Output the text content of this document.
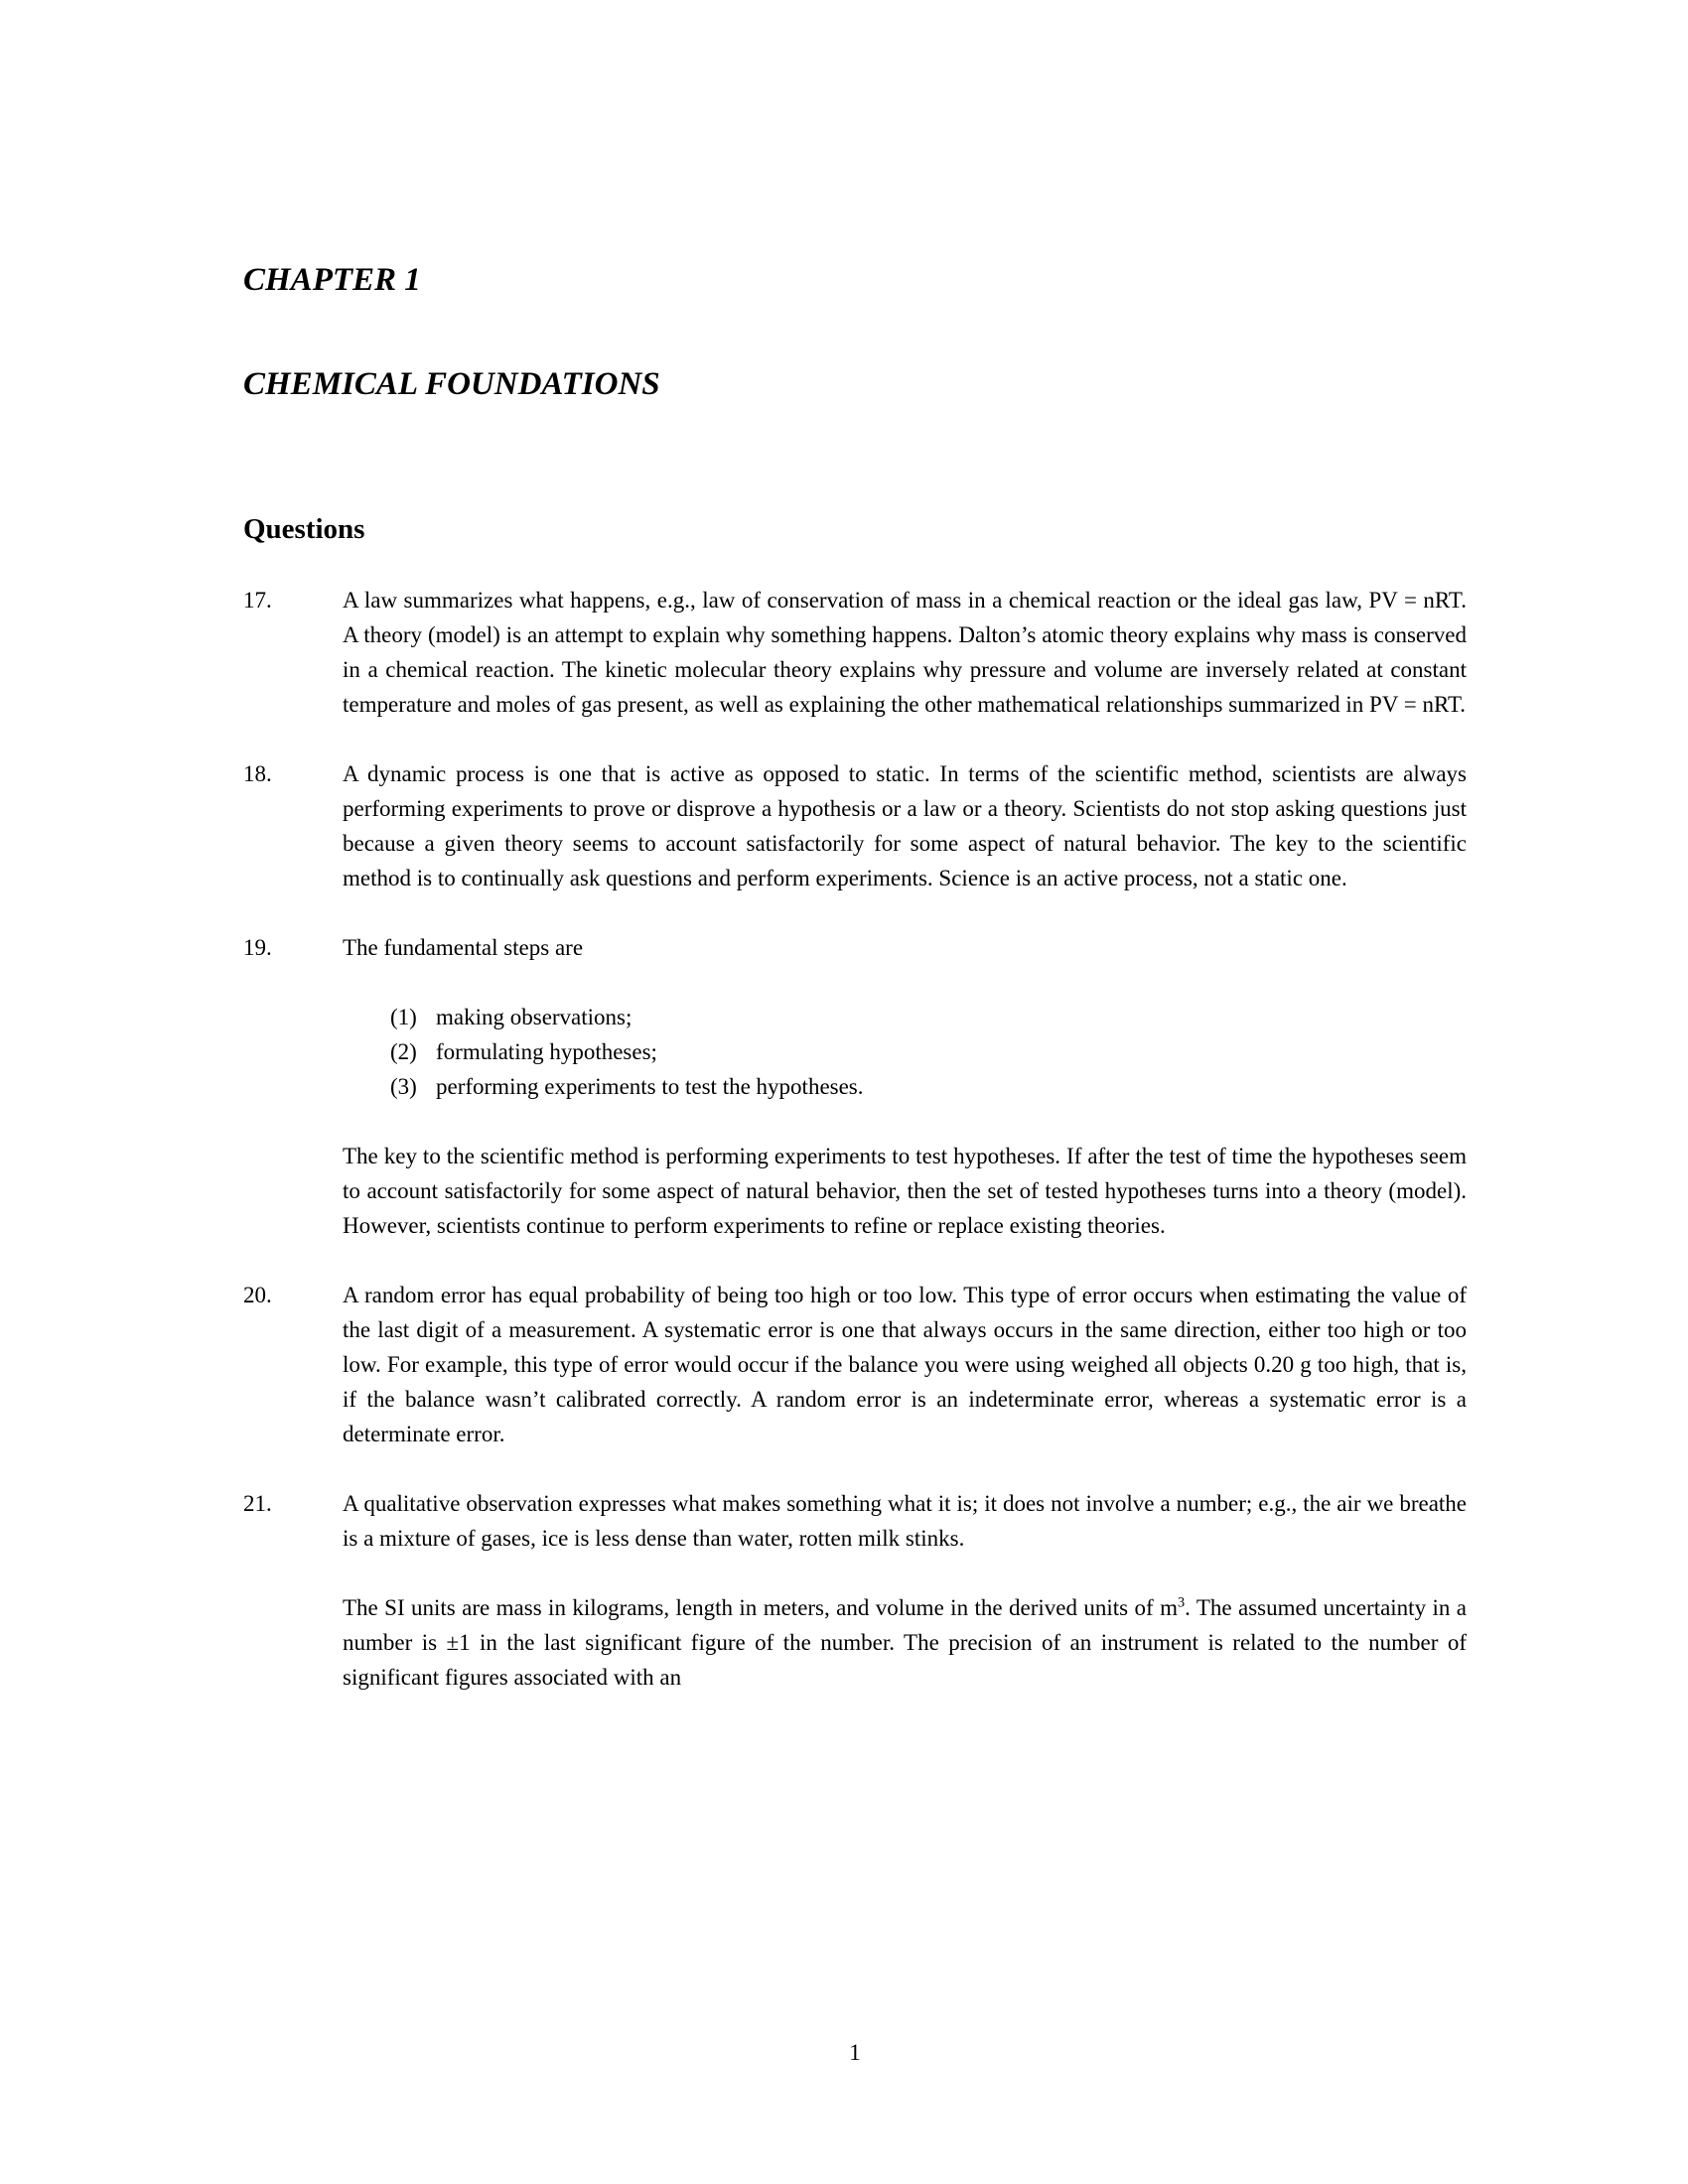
CHAPTER 1
CHEMICAL FOUNDATIONS
Questions
17.	A law summarizes what happens, e.g., law of conservation of mass in a chemical reaction or the ideal gas law, PV = nRT. A theory (model) is an attempt to explain why something happens. Dalton’s atomic theory explains why mass is conserved in a chemical reaction. The kinetic molecular theory explains why pressure and volume are inversely related at constant temperature and moles of gas present, as well as explaining the other mathematical relationships summarized in PV = nRT.

18.	A dynamic process is one that is active as opposed to static. In terms of the scientific method, scientists are always performing experiments to prove or disprove a hypothesis or a law or a theory. Scientists do not stop asking questions just because a given theory seems to account satisfactorily for some aspect of natural behavior. The key to the scientific method is to continually ask questions and perform experiments. Science is an active process, not a static one.

19.	The fundamental steps are

(1) making observations;
(2) formulating hypotheses;
(3) performing experiments to test the hypotheses.

The key to the scientific method is performing experiments to test hypotheses. If after the test of time the hypotheses seem to account satisfactorily for some aspect of natural behavior, then the set of tested hypotheses turns into a theory (model). However, scientists continue to perform experiments to refine or replace existing theories.

20.	A random error has equal probability of being too high or too low. This type of error occurs when estimating the value of the last digit of a measurement. A systematic error is one that always occurs in the same direction, either too high or too low. For example, this type of error would occur if the balance you were using weighed all objects 0.20 g too high, that is, if the balance wasn’t calibrated correctly. A random error is an indeterminate error, whereas a systematic error is a determinate error.

21.	A qualitative observation expresses what makes something what it is; it does not involve a number; e.g., the air we breathe is a mixture of gases, ice is less dense than water, rotten milk stinks.

The SI units are mass in kilograms, length in meters, and volume in the derived units of $m^3$. The assumed uncertainty in a number is ±1 in the last significant figure of the number. The precision of an instrument is related to the number of significant figures associated with an

1
